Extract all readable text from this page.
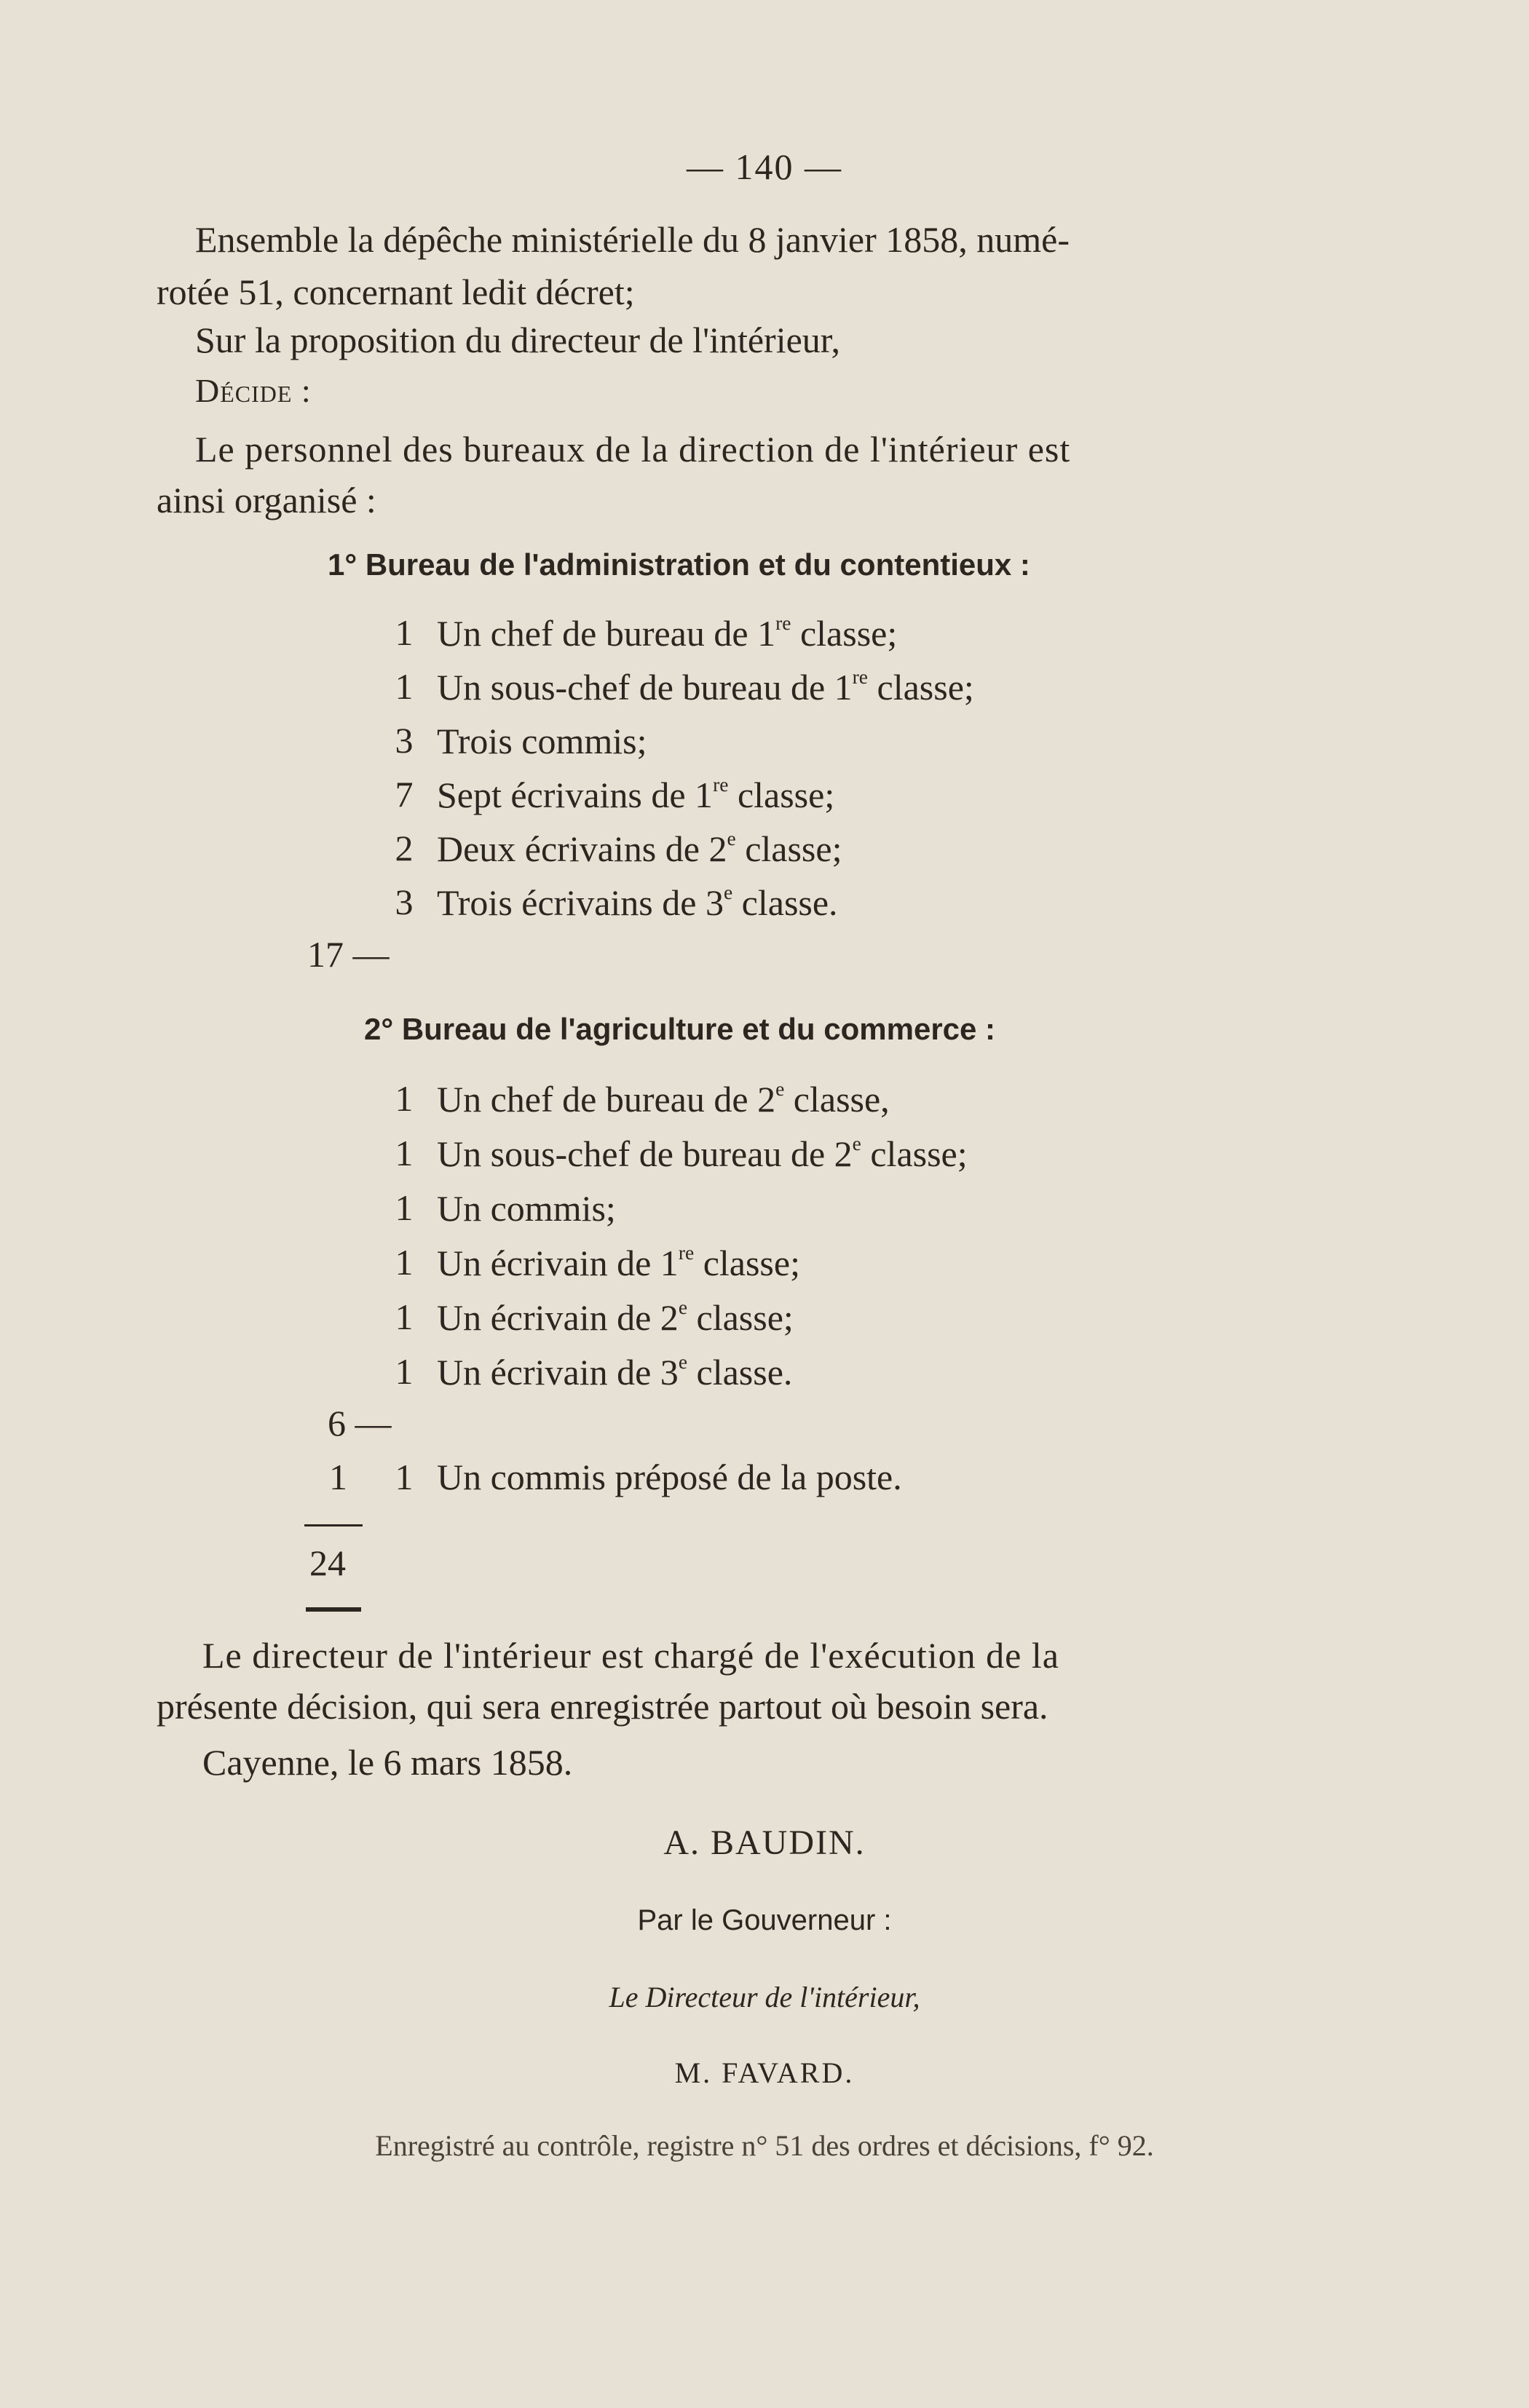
— 140 —
Ensemble la dépêche ministérielle du 8 janvier 1858, numé-
rotée 51, concernant ledit décret;
Sur la proposition du directeur de l'intérieur,
Décide :
Le personnel des bureaux de la direction de l'intérieur est
ainsi organisé :
1° Bureau de l'administration et du contentieux :
1 Un chef de bureau de 1re classe;
1 Un sous-chef de bureau de 1re classe;
3 Trois commis;
7 Sept écrivains de 1re classe;
2 Deux écrivains de 2e classe;
3 Trois écrivains de 3e classe.
17 —
2° Bureau de l'agriculture et du commerce :
1 Un chef de bureau de 2e classe,
1 Un sous-chef de bureau de 2e classe;
1 Un commis;
1 Un écrivain de 1re classe;
1 Un écrivain de 2e classe;
1 Un écrivain de 3e classe.
6 —
1 1 Un commis préposé de la poste.
24
Le directeur de l'intérieur est chargé de l'exécution de la
présente décision, qui sera enregistrée partout où besoin sera.
Cayenne, le 6 mars 1858.
A. BAUDIN.
Par le Gouverneur :
Le Directeur de l'intérieur,
M. FAVARD.
Enregistré au contrôle, registre n° 51 des ordres et décisions, f° 92.
